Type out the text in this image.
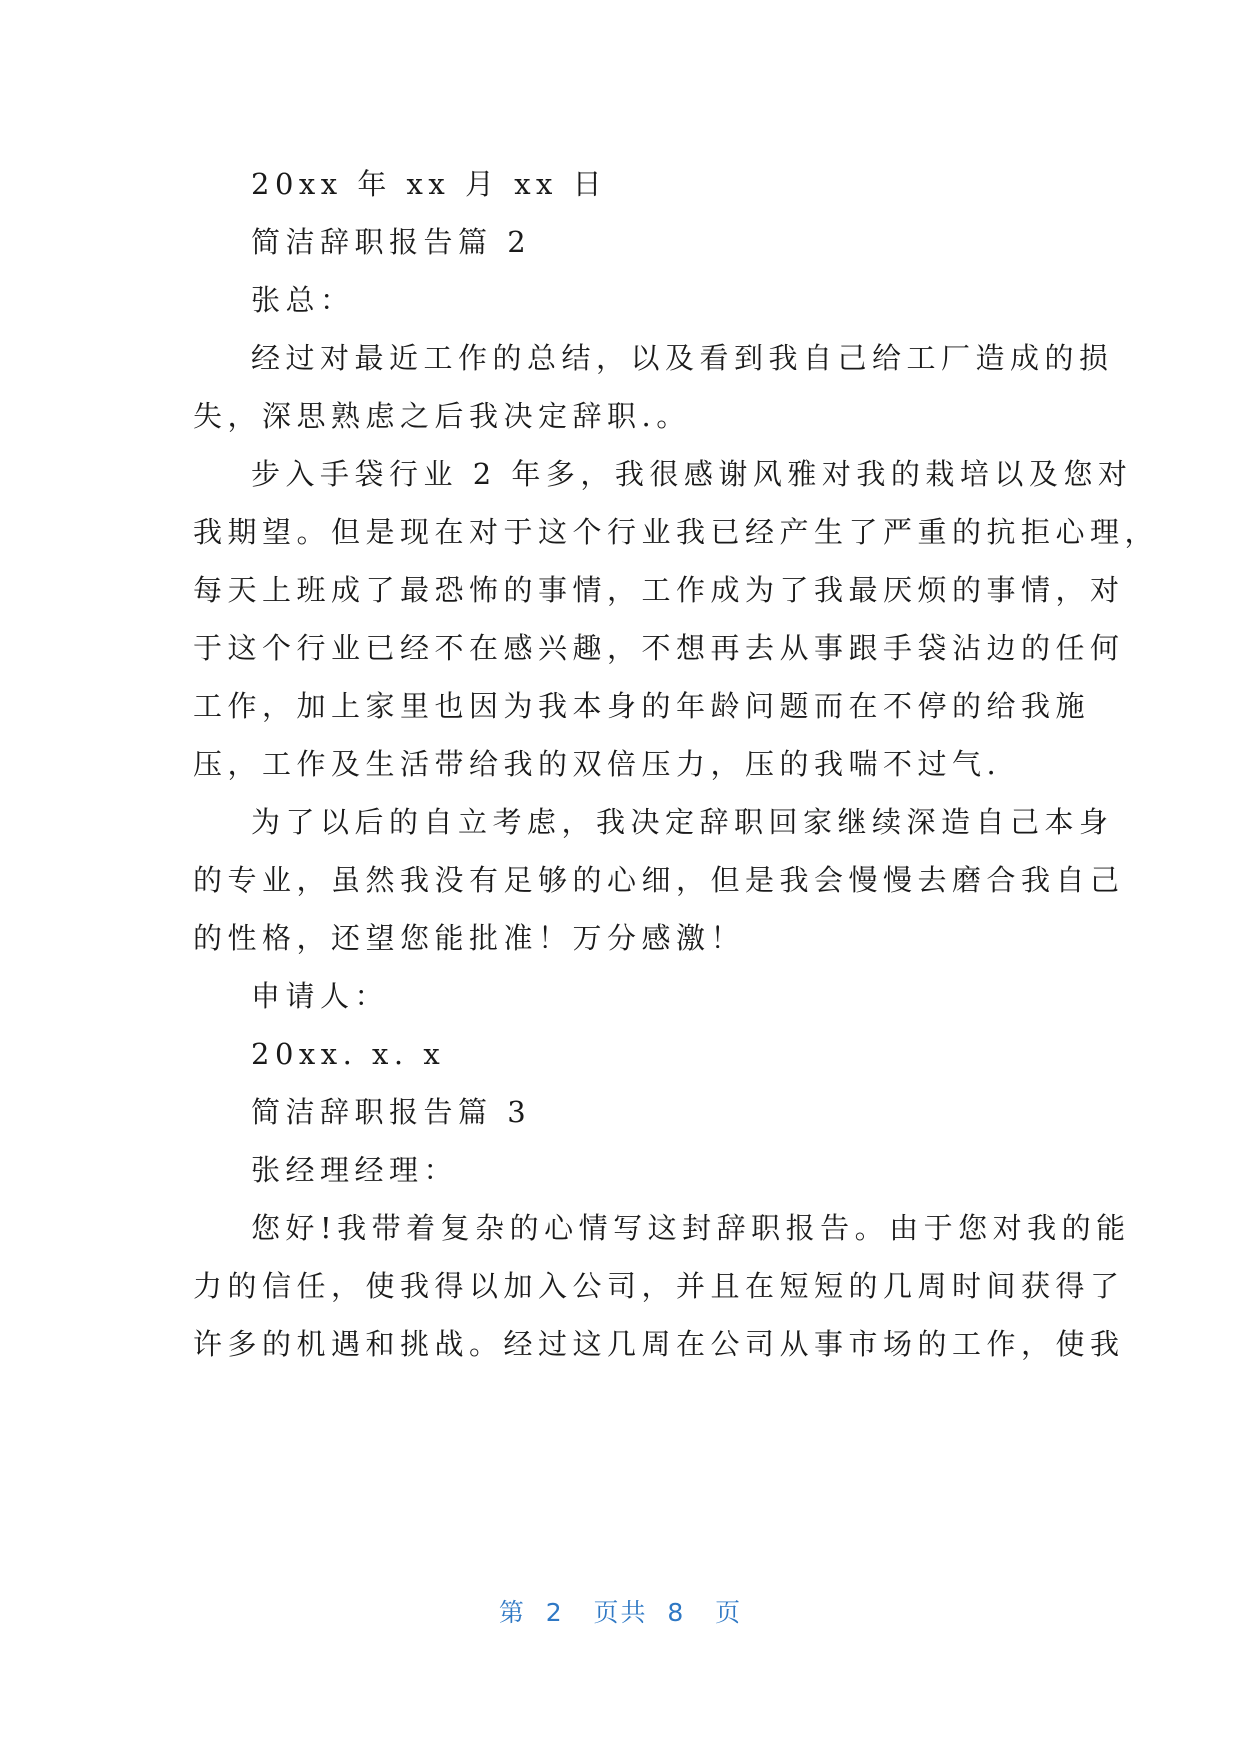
20xx 年 xx 月 xx 日
简洁辞职报告篇 2
张总：
经过对最近工作的总结，以及看到我自己给工厂造成的损
失，深思熟虑之后我决定辞职.。
步入手袋行业 2 年多，我很感谢风雅对我的栽培以及您对
我期望。但是现在对于这个行业我已经产生了严重的抗拒心理，
每天上班成了最恐怖的事情，工作成为了我最厌烦的事情，对
于这个行业已经不在感兴趣，不想再去从事跟手袋沾边的任何
工作，加上家里也因为我本身的年龄问题而在不停的给我施
压，工作及生活带给我的双倍压力，压的我喘不过气.
为了以后的自立考虑，我决定辞职回家继续深造自己本身
的专业，虽然我没有足够的心细，但是我会慢慢去磨合我自己
的性格，还望您能批准！万分感激！
申请人：
20xx. x. x
简洁辞职报告篇 3
张经理经理：
您好!我带着复杂的心情写这封辞职报告。由于您对我的能
力的信任，使我得以加入公司，并且在短短的几周时间获得了
许多的机遇和挑战。经过这几周在公司从事市场的工作，使我
第  2   页共  8   页
